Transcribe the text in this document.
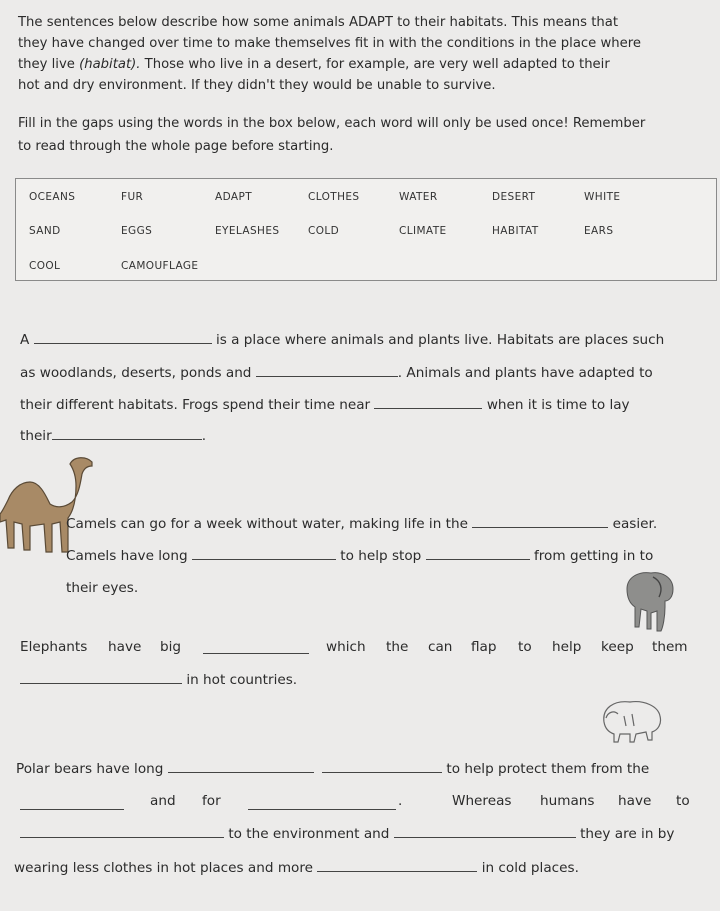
The sentences below describe how some animals ADAPT to their habitats. This means that
they have changed over time to make themselves fit in with the conditions in the place where
they live (habitat). Those who live in a desert, for example, are very well adapted to their
hot and dry environment. If they didn't they would be unable to survive.
Fill in the gaps using the words in the box below, each word will only be used once! Remember
to read through the whole page before starting.
OCEANS	FUR	ADAPT	CLOTHES	WATER	DESERT	WHITE
SAND	EGGS	EYELASHES	COLD	CLIMATE	HABITAT	EARS
COOL	CAMOUFLAGE
A	is a place where animals and plants live. Habitats are places such
as woodlands, deserts, ponds and	. Animals and plants have adapted to
their different habitats. Frogs spend their time near	when it is time to lay
their	.
Camels can go for a week without water, making life in the	easier.
Camels have long	to help stop	from getting in to
their eyes.
Elephants have big	which the can flap to help keep them
in hot countries.
Polar bears have long	to help protect them from the
and for	.	Whereas humans have to
to the environment and	they are in by
wearing less clothes in hot places and more	in cold places.
